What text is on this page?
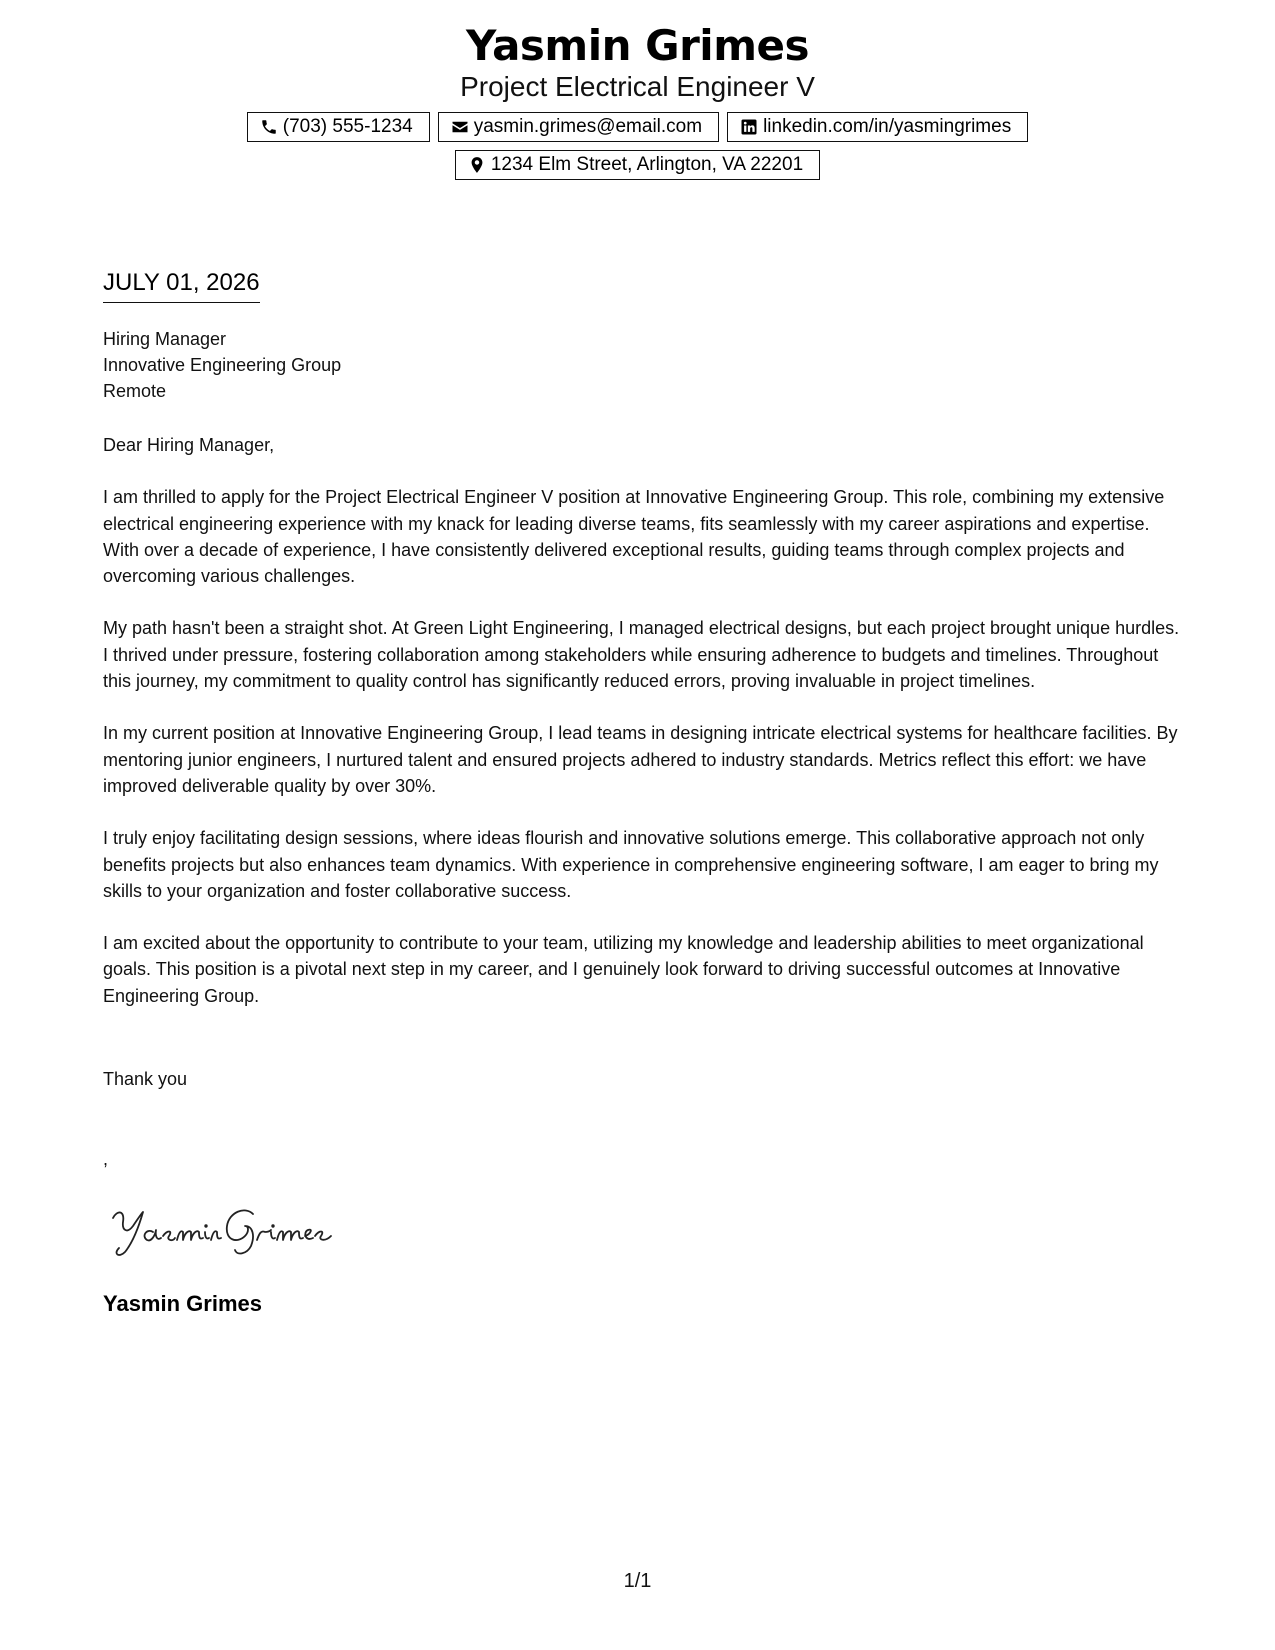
Yasmin Grimes
Project Electrical Engineer V
(703) 555-1234	yasmin.grimes@email.com	linkedin.com/in/yasmingrimes
1234 Elm Street, Arlington, VA 22201
JULY 01, 2026
Hiring Manager
Innovative Engineering Group
Remote

Dear Hiring Manager,

I am thrilled to apply for the Project Electrical Engineer V position at Innovative Engineering Group. This role, combining my extensive electrical engineering experience with my knack for leading diverse teams, fits seamlessly with my career aspirations and expertise. With over a decade of experience, I have consistently delivered exceptional results, guiding teams through complex projects and overcoming various challenges.

My path hasn't been a straight shot. At Green Light Engineering, I managed electrical designs, but each project brought unique hurdles. I thrived under pressure, fostering collaboration among stakeholders while ensuring adherence to budgets and timelines. Throughout this journey, my commitment to quality control has significantly reduced errors, proving invaluable in project timelines.

In my current position at Innovative Engineering Group, I lead teams in designing intricate electrical systems for healthcare facilities. By mentoring junior engineers, I nurtured talent and ensured projects adhered to industry standards. Metrics reflect this effort: we have improved deliverable quality by over 30%.

I truly enjoy facilitating design sessions, where ideas flourish and innovative solutions emerge. This collaborative approach not only benefits projects but also enhances team dynamics. With experience in comprehensive engineering software, I am eager to bring my skills to your organization and foster collaborative success.

I am excited about the opportunity to contribute to your team, utilizing my knowledge and leadership abilities to meet organizational goals. This position is a pivotal next step in my career, and I genuinely look forward to driving successful outcomes at Innovative Engineering Group.

Thank you
,
Yasmin Grimes
1/1
